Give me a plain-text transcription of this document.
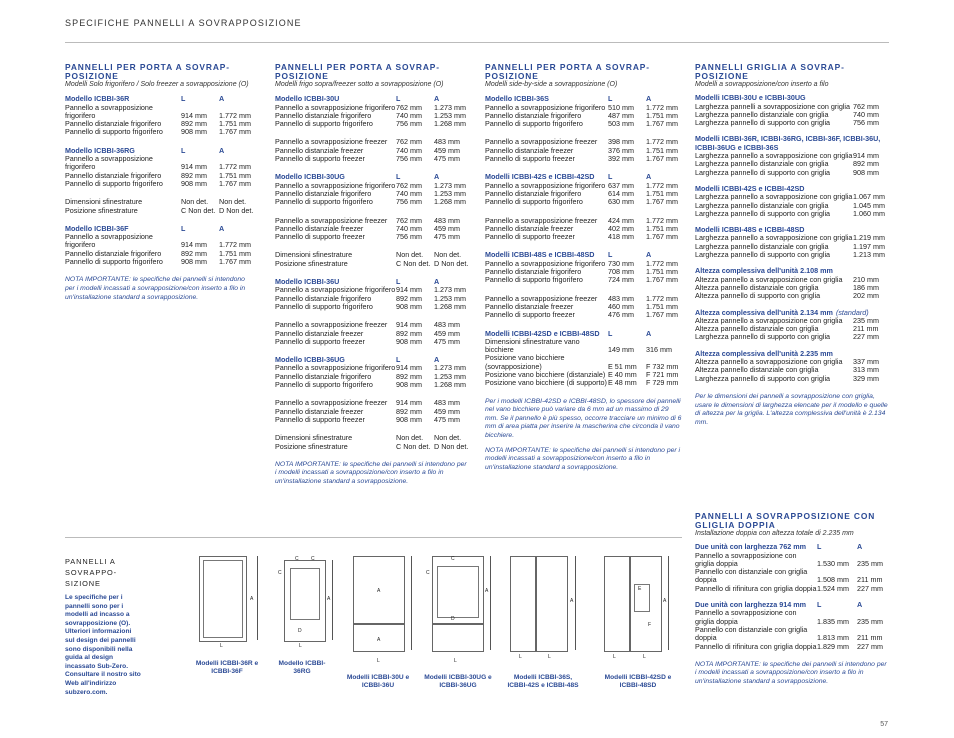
SPECIFICHE PANNELLI A SOVRAPPOSIZIONE
PANNELLI PER PORTA A SOVRAP- POSIZIONE
Modelli Solo frigorifero / Solo freezer a sovrapposizione (O)
Modello ICBBI-36R	L	A
Pannello a sovrapposizione frigorifero	914 mm	1.772 mm
Pannello distanziale frigorifero	892 mm	1.751 mm
Pannello di supporto frigorifero	908 mm	1.767 mm
Modello ICBBI-36RG	L	A
Pannello a sovrapposizione frigorifero	914 mm	1.772 mm
Pannello distanziale frigorifero	892 mm	1.751 mm
Pannello di supporto frigorifero	908 mm	1.767 mm
Dimensioni sfinestrature	Non det.	Non det.
Posizione sfinestrature	C Non det. D Non det.
Modello ICBBI-36F	L	A
Pannello a sovrapposizione frigorifero	914 mm	1.772 mm
Pannello distanziale frigorifero	892 mm	1.751 mm
Pannello di supporto frigorifero	908 mm	1.767 mm
NOTA IMPORTANTE: le specifiche dei pannelli si intendono per i modelli incassati a sovrapposizione/con inserto a filo in un'installazione standard a sovrapposizione.
PANNELLI PER PORTA A SOVRAP- POSIZIONE
Modelli frigo sopra/freezer sotto a sovrapposizione (O)
Modello ICBBI-30U	L	A
Pannello a sovrapposizione frigorifero 762 mm	1.273 mm
Pannello distanziale frigorifero	740 mm	1.253 mm
Pannello di supporto frigorifero	756 mm	1.268 mm
Pannello a sovrapposizione freezer	762 mm	483 mm
Pannello distanziale freezer	740 mm	459 mm
Pannello di supporto freezer	756 mm	475 mm
Modello ICBBI-30UG	L	A
Pannello a sovrapposizione frigorifero 762 mm	1.273 mm
Pannello distanziale frigorifero	740 mm	1.253 mm
Pannello di supporto frigorifero	756 mm	1.268 mm
Pannello a sovrapposizione freezer	762 mm	483 mm
Pannello distanziale freezer	740 mm	459 mm
Pannello di supporto freezer	756 mm	475 mm
Dimensioni sfinestrature	Non det.	Non det.
Posizione sfinestrature	C Non det. D Non det.
Modello ICBBI-36U	L	A
Pannello a sovrapposizione frigorifero 914 mm	1.273 mm
Pannello distanziale frigorifero	892 mm	1.253 mm
Pannello di supporto frigorifero	908 mm	1.268 mm
Pannello a sovrapposizione freezer	914 mm	483 mm
Pannello distanziale freezer	892 mm	459 mm
Pannello di supporto freezer	908 mm	475 mm
Modello ICBBI-36UG	L	A
Pannello a sovrapposizione frigorifero 914 mm	1.273 mm
Pannello distanziale frigorifero	892 mm	1.253 mm
Pannello di supporto frigorifero	908 mm	1.268 mm
Pannello a sovrapposizione freezer	914 mm	483 mm
Pannello distanziale freezer	892 mm	459 mm
Pannello di supporto freezer	908 mm	475 mm
Dimensioni sfinestrature	Non det.	Non det.
Posizione sfinestrature	C Non det. D Non det.
NOTA IMPORTANTE: le specifiche dei pannelli si intendono per i modelli incassati a sovrapposizione/con inserto a filo in un'installazione standard a sovrapposizione.
PANNELLI PER PORTA A SOVRAP- POSIZIONE
Modelli side-by-side a sovrapposizione (O)
Modello ICBBI-36S	L	A
Pannello a sovrapposizione frigorifero 510 mm	1.772 mm
Pannello distanziale frigorifero	487 mm	1.751 mm
Pannello di supporto frigorifero	503 mm	1.767 mm
Pannello a sovrapposizione freezer	398 mm	1.772 mm
Pannello distanziale freezer	376 mm	1.751 mm
Pannello di supporto freezer	392 mm	1.767 mm
Modelli ICBBI-42S e ICBBI-42SD	L	A
Pannello a sovrapposizione frigorifero 637 mm	1.772 mm
Pannello distanziale frigorifero	614 mm	1.751 mm
Pannello di supporto frigorifero	630 mm	1.767 mm
Pannello a sovrapposizione freezer	424 mm	1.772 mm
Pannello distanziale freezer	402 mm	1.751 mm
Pannello di supporto freezer	418 mm	1.767 mm
Modelli ICBBI-48S e ICBBI-48SD	L	A
Pannello a sovrapposizione frigorifero 730 mm	1.772 mm
Pannello distanziale frigorifero	708 mm	1.751 mm
Pannello di supporto frigorifero	724 mm	1.767 mm
Pannello a sovrapposizione freezer	483 mm	1.772 mm
Pannello distanziale freezer	460 mm	1.751 mm
Pannello di supporto freezer	476 mm	1.767 mm
Modelli ICBBI-42SD e ICBBI-48SD	L	A
Dimensioni sfinestrature vano bicchiere	149 mm	316 mm
Posizione vano bicchiere (sovrapposizione)	E 51 mm	F 732 mm
Posizione vano bicchiere (distanziale) E 40 mm	F 721 mm
Posizione vano bicchiere (di supporto) E 48 mm	F 729 mm
Per i modelli ICBBI-42SD e ICBBI-48SD, lo spessore dei pannelli nel vano bicchiere può variare da 6 mm ad un massimo di 29 mm. Se il pannello è più spesso, occorre tracciare un minimo di 6 mm di area piatta per inserire la mascherina che circonda il vano bicchiere.
NOTA IMPORTANTE: le specifiche dei pannelli si intendono per i modelli incassati a sovrapposizione/con inserto a filo in un'installazione standard a sovrapposizione.
PANNELLI GRIGLIA A SOVRAP- POSIZIONE
Modelli a sovrapposizione/con inserto a filo
Modelli ICBBI-30U e ICBBI-30UG
Larghezza pannelli a sovrapposizione con griglia 762 mm
Larghezza pannello distanziale con griglia	740 mm
Larghezza pannello di supporto con griglia	756 mm
Modelli ICBBI-36R, ICBBI-36RG, ICBBI-36F, ICBBI-36U, ICBBI-36UG e ICBBI-36S
Larghezza pannello a sovrapposizione con griglia 914 mm
Larghezza pannello distanziale con griglia	892 mm
Larghezza pannello di supporto con griglia	908 mm
Modelli ICBBI-42S e ICBBI-42SD
Larghezza pannello a sovrapposizione con griglia 1.067 mm
Larghezza pannello distanziale con griglia	1.045 mm
Larghezza pannello di supporto con griglia	1.060 mm
Modelli ICBBI-48S e ICBBI-48SD
Larghezza pannello a sovrapposizione con griglia 1.219 mm
Larghezza pannello distanziale con griglia	1.197 mm
Larghezza pannello di supporto con griglia	1.213 mm
Altezza complessiva dell'unità 2.108 mm
Altezza pannello a sovrapposizione con griglia	210 mm
Altezza pannello distanziale con griglia	186 mm
Altezza pannello di supporto con griglia	202 mm
Altezza complessiva dell'unità 2.134 mm (standard)
Altezza pannello a sovrapposizione con griglia	235 mm
Altezza pannello distanziale con griglia	211 mm
Larghezza pannello di supporto con griglia	227 mm
Altezza complessiva dell'unità 2.235 mm
Altezza pannello a sovrapposizione con griglia	337 mm
Altezza pannello distanziale con griglia	313 mm
Larghezza pannello di supporto con griglia	329 mm
Per le dimensioni dei pannelli a sovrapposizione con griglia, usare le dimensioni di larghezza elencate per il modello e quelle di altezza per la griglia. L'altezza complessiva dell'unità è 2.134 mm.
PANNELLI A SOVRAPPOSIZIONE CON GLIGLIA DOPPIA
Installazione doppia con altezza totale di 2.235 mm
Due unità con larghezza 762 mm	L	A
Pannello a sovrapposizione con griglia doppia	1.530 mm	235 mm
Pannello con distanziale con griglia doppia	1.508 mm	211 mm
Pannello di rifinitura con griglia doppia 1.524 mm	227 mm
Due unità con larghezza 914 mm	L	A
Pannello a sovrapposizione con griglia doppia	1.835 mm	235 mm
Pannello con distanziale con griglia doppia	1.813 mm	211 mm
Pannello di rifinitura con griglia doppia 1.829 mm	227 mm
NOTA IMPORTANTE: le specifiche dei pannelli si intendono per i modelli incassati a sovrapposizione/con inserto a filo in un'installazione standard a sovrapposizione.
PANNELLI A SOVRAPPO- SIZIONE
Le specifiche per i pannelli sono per i modelli ad incasso a sovrapposizione (O). Ulteriori informazioni sul design dei pannelli sono disponibili nella guida al design incassato Sub-Zero. Consultare il nostro sito Web all'indirizzo subzero.com.
A
L
Modelli ICBBI-36R e ICBBI-36F
C C
C
D
A
L
Modello ICBBI-36RG
A
A
L
Modelli ICBBI-30U e ICBBI-36U
C
C
D
A
L
Modelli ICBBI-30UG e ICBBI-36UG
A
L	L
Modelli ICBBI-36S, ICBBI-42S e ICBBI-48S
E
F
A
L	L
Modelli ICBBI-42SD e ICBBI-48SD
57
